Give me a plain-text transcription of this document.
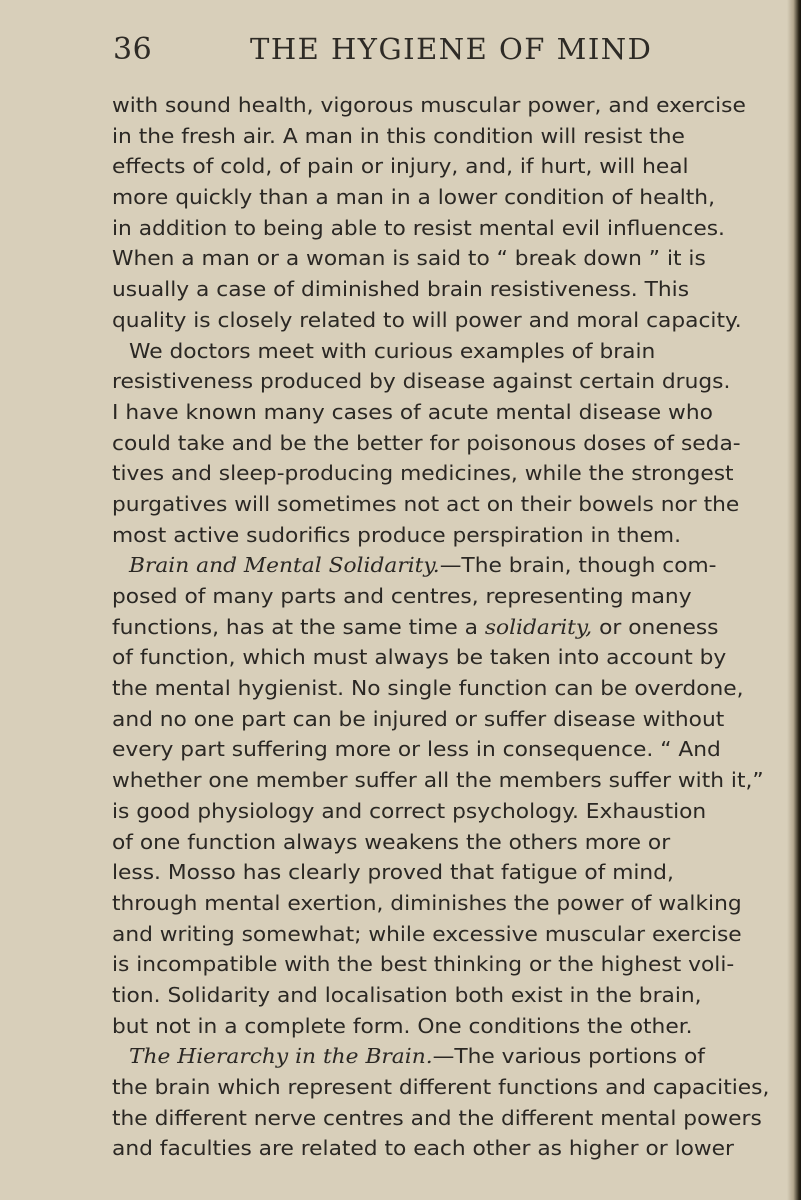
36	THE HYGIENE OF MIND
with sound health, vigorous muscular power, and exercise
in the fresh air. A man in this condition will resist the
effects of cold, of pain or injury, and, if hurt, will heal
more quickly than a man in a lower condition of health,
in addition to being able to resist mental evil influences.
When a man or a woman is said to “ break down ” it is
usually a case of diminished brain resistiveness. This
quality is closely related to will power and moral capacity.
We doctors meet with curious examples of brain
resistiveness produced by disease against certain drugs.
I have known many cases of acute mental disease who
could take and be the better for poisonous doses of seda-
tives and sleep-producing medicines, while the strongest
purgatives will sometimes not act on their bowels nor the
most active sudorifics produce perspiration in them.
Brain and Mental Solidarity.—The brain, though com-
posed of many parts and centres, representing many
functions, has at the same time a solidarity, or oneness
of function, which must always be taken into account by
the mental hygienist. No single function can be overdone,
and no one part can be injured or suffer disease without
every part suffering more or less in consequence. “ And
whether one member suffer all the members suffer with it,”
is good physiology and correct psychology. Exhaustion
of one function always weakens the others more or
less. Mosso has clearly proved that fatigue of mind,
through mental exertion, diminishes the power of walking
and writing somewhat; while excessive muscular exercise
is incompatible with the best thinking or the highest voli-
tion. Solidarity and localisation both exist in the brain,
but not in a complete form. One conditions the other.
The Hierarchy in the Brain.—The various portions of
the brain which represent different functions and capacities,
the different nerve centres and the different mental powers
and faculties are related to each other as higher or lower
